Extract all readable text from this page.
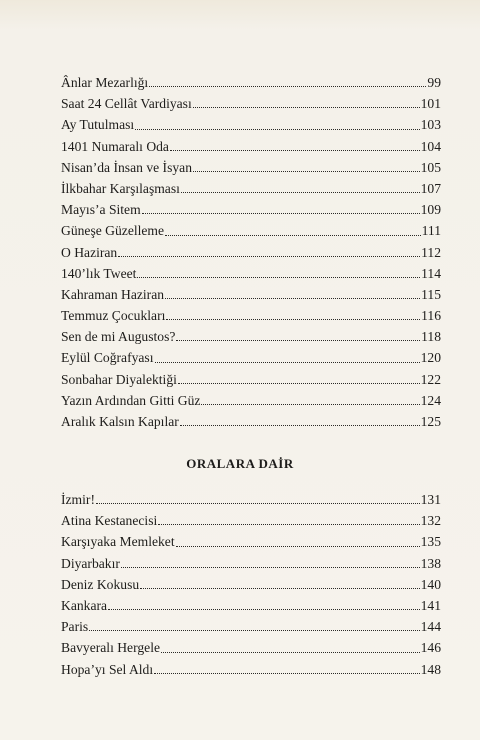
Ânlar Mezarlığı	99
Saat 24 Cellât Vardiyası	101
Ay Tutulması	103
1401 Numaralı Oda	104
Nisan’da İnsan ve İsyan	105
İlkbahar Karşılaşması	107
Mayıs’a Sitem	109
Güneşe Güzelleme	111
O Haziran	112
140’lık Tweet	114
Kahraman Haziran	115
Temmuz Çocukları	116
Sen de mi Augustos?	118
Eylül Coğrafyası	120
Sonbahar Diyalektiği	122
Yazın Ardından Gitti Güz	124
Aralık Kalsın Kapılar	125
ORALARA DAİR
İzmir!	131
Atina Kestanecisi	132
Karşıyaka Memleket	135
Diyarbakır	138
Deniz Kokusu	140
Kankara	141
Paris	144
Bavyeralı Hergele	146
Hopa’yı Sel Aldı	148
